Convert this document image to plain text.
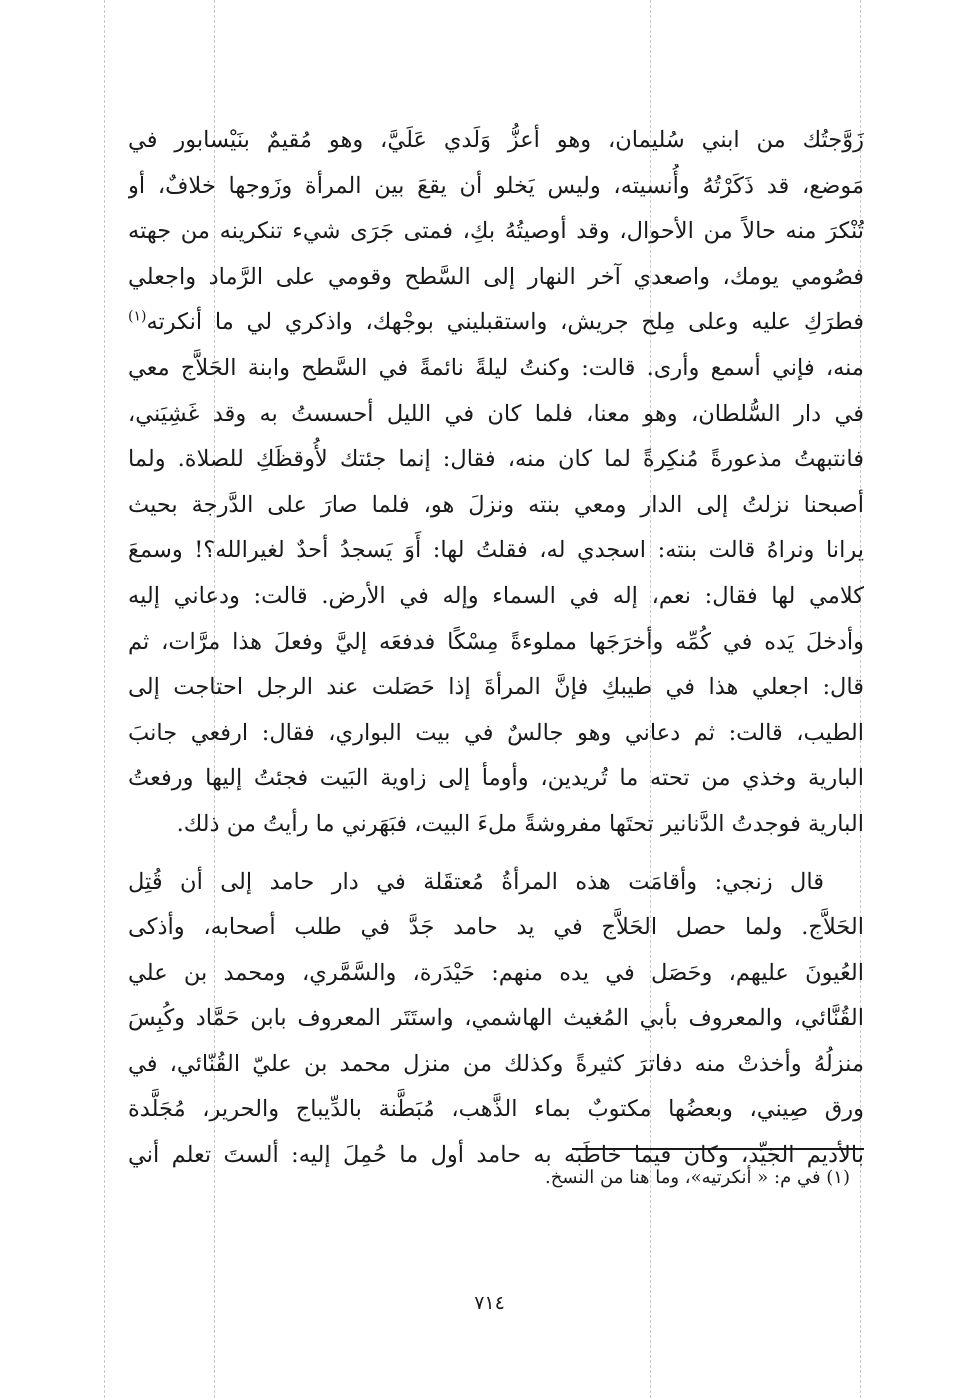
زَوَّجتُك من ابني سُليمان، وهو أعزُّ وَلَدي عَلَيَّ، وهو مُقيمٌ بنَيْسابور في
مَوضع، قد ذَكَرْتُهُ وأُنسيته، وليس يَخلو أن يقعَ بين المرأة وزَوجها خلافٌ، أو
تُنْكرَ منه حالاً من الأحوال، وقد أوصيتُهُ بكِ، فمتى جَرَى شيء تنكرينه من جهته
فصُومي يومك، واصعدي آخر النهار إلى السَّطح وقومي على الرَّماد واجعلي
فطرَكِ عليه وعلى مِلح جريش، واستقبليني بوجْهك، واذكري لي ما أنكرته$^{(١)}$
منه، فإني أسمع وأرى. قالت: وكنتُ ليلةً نائمةً في السَّطح وابنة الحَلاَّج معي
في دار السُّلطان، وهو معنا، فلما كان في الليل أحسستُ به وقد غَشِيَني،
فانتبهتُ مذعورةً مُنكِرةً لما كان منه، فقال: إنما جئتك لأُوقظَكِ للصلاة. ولما
أصبحنا نزلتُ إلى الدار ومعي بنته ونزلَ هو، فلما صارَ على الدَّرجة بحيث
يرانا ونراهُ قالت بنته: اسجدي له، فقلتُ لها: أَوَ يَسجدُ أحدٌ لغيرالله؟! وسمعَ
كلامي لها فقال: نعم، إله في السماء وإله في الأرض. قالت: ودعاني إليه
وأدخلَ يَده في كُمِّه وأخرَجَها مملوءةً مِسْكًا فدفعَه إليَّ وفعلَ هذا مرَّات، ثم
قال: اجعلي هذا في طيبكِ فإنَّ المرأةَ إذا حَصَلت عند الرجل احتاجت إلى
الطيب، قالت: ثم دعاني وهو جالسٌ في بيت البواري، فقال: ارفعي جانبَ
البارية وخذي من تحته ما تُريدين، وأومأ إلى زاوية البَيت فجئتُ إليها ورفعتُ
البارية فوجدتُ الدَّنانير تحتَها مفروشةً ملءَ البيت، فبَهَرني ما رأيتُ من ذلك.
قال زنجي: وأقامَت هذه المرأةُ مُعتقَلة في دار حامد إلى أن قُتِل
الحَلاَّج. ولما حصل الحَلاَّج في يد حامد جَدَّ في طلب أصحابه، وأذكى
العُيونَ عليهم، وحَصَل في يده منهم: حَيْدَرة، والسَّمَّري، ومحمد بن علي
القُنَّائي، والمعروف بأبي المُغيث الهاشمي، واستَتَر المعروف بابن حَمَّاد وكُبِسَ
منزلُهُ وأخذتْ منه دفاترَ كثيرةً وكذلك من منزل محمد بن عليّ القُنّائي، في
ورق صِيني، وبعضُها مكتوبٌ بماء الذَّهب، مُبَطَّنة بالدِّيباج والحرير، مُجَلَّدة
بالأديم الجَيِّد، وكان فيما خاطَبَه به حامد أول ما حُمِلَ إليه: ألستَ تعلم أني
(١) في م: « أنكرتيه»، وما هنا من النسخ.
٧١٤
